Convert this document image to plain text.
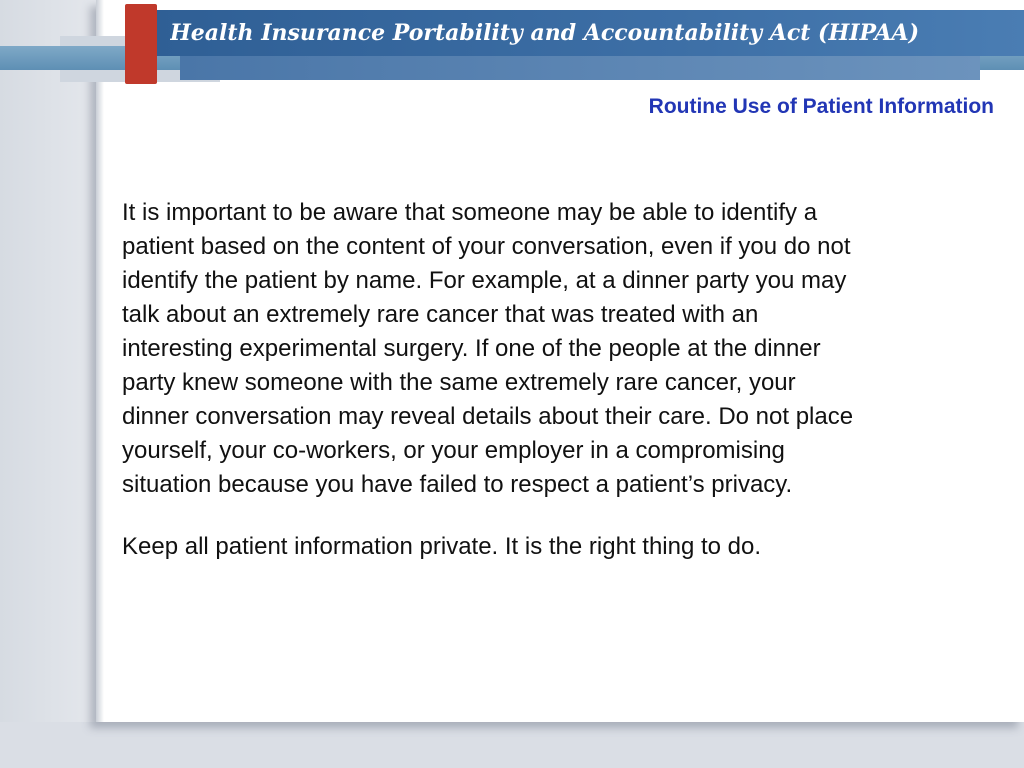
Health Insurance Portability and Accountability Act (HIPAA)
Routine Use of Patient Information

It is important to be aware that someone may be able to identify a
patient based on the content of your conversation, even if you do not
identify the patient by name. For example, at a dinner party you may
talk about an extremely rare cancer that was treated with an
interesting experimental surgery. If one of the people at the dinner
party knew someone with the same extremely rare cancer, your
dinner conversation may reveal details about their care. Do not place
yourself, your co-workers, or your employer in a compromising
situation because you have failed to respect a patient’s privacy.

Keep all patient information private. It is the right thing to do.
